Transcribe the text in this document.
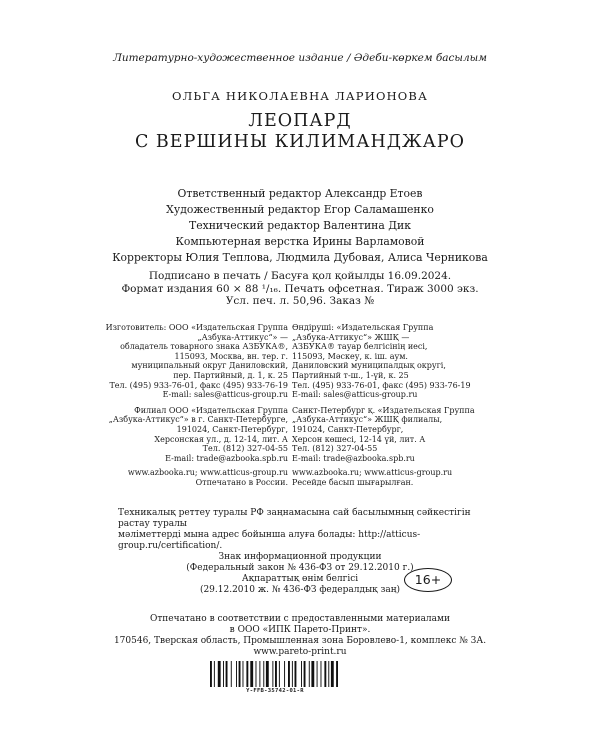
Литературно-художественное издание / Әдеби-көркем басылым
ОЛЬГА НИКОЛАЕВНА ЛАРИОНОВА
ЛЕОПАРД
С ВЕРШИНЫ КИЛИМАНДЖАРО
Ответственный редактор Александр Етоев
Художественный редактор Егор Саламашенко
Технический редактор Валентина Дик
Компьютерная верстка Ирины Варламовой
Корректоры Юлия Теплова, Людмила Дубовая, Алиса Черникова
Подписано в печать / Басуға қол қойылды 16.09.2024.
Формат издания 60 × 88 ¹/₁₆. Печать офсетная. Тираж 3000 экз.
Усл. печ. л. 50,96. Заказ №
Изготовитель: ООО «Издательская Группа
„Азбука-Аттикус“» —
обладатель товарного знака АЗБУКА®,
115093, Москва, вн. тер. г.
муниципальный округ Даниловский,
пер. Партийный, д. 1, к. 25
Тел. (495) 933-76-01, факс (495) 933-76-19
E-mail: sales@atticus-group.ru
Филиал ООО «Издательская Группа
„Азбука-Аттикус“» в г. Санкт-Петербурге,
191024, Санкт-Петербург,
Херсонская ул., д. 12-14, лит. А
Тел. (812) 327-04-55
E-mail: trade@azbooka.spb.ru
www.azbooka.ru; www.atticus-group.ru
Отпечатано в России.
Өндіруші: «Издательская Группа
„Азбука-Аттикус“» ЖШҚ —
АЗБУКА® тауар белгісінің иесі,
115093, Мәскеу, к. іш. аум.
Даниловский муниципалдық округі,
Партийный т-ш., 1-үй, к. 25
Тел. (495) 933-76-01, факс (495) 933-76-19
E-mail: sales@atticus-group.ru
Санкт-Петербург қ. «Издательская Группа
„Азбука-Аттикус“» ЖШҚ филиалы,
191024, Санкт-Петербург,
Херсон көшесі, 12-14 үй, лит. А
Тел. (812) 327-04-55
E-mail: trade@azbooka.spb.ru
www.azbooka.ru; www.atticus-group.ru
Ресейде басып шығарылған.
Техникалық реттеу туралы РФ заңнамасына сай басылымның сәйкестігін растау туралы
мәліметтерді мына адрес бойынша алуға болады: http://atticus-group.ru/certification/.
Знак информационной продукции
(Федеральный закон № 436-ФЗ от 29.12.2010 г.)
Ақпараттық өнім белгісі
(29.12.2010 ж. № 436-ФЗ федералдық заң)
16+
Отпечатано в соответствии с предоставленными материалами
в ООО «ИПК Парето-Принт».
170546, Тверская область, Промышленная зона Боровлево-1, комплекс № 3А.
www.pareto-print.ru
Y-FFB-35742-01-R
